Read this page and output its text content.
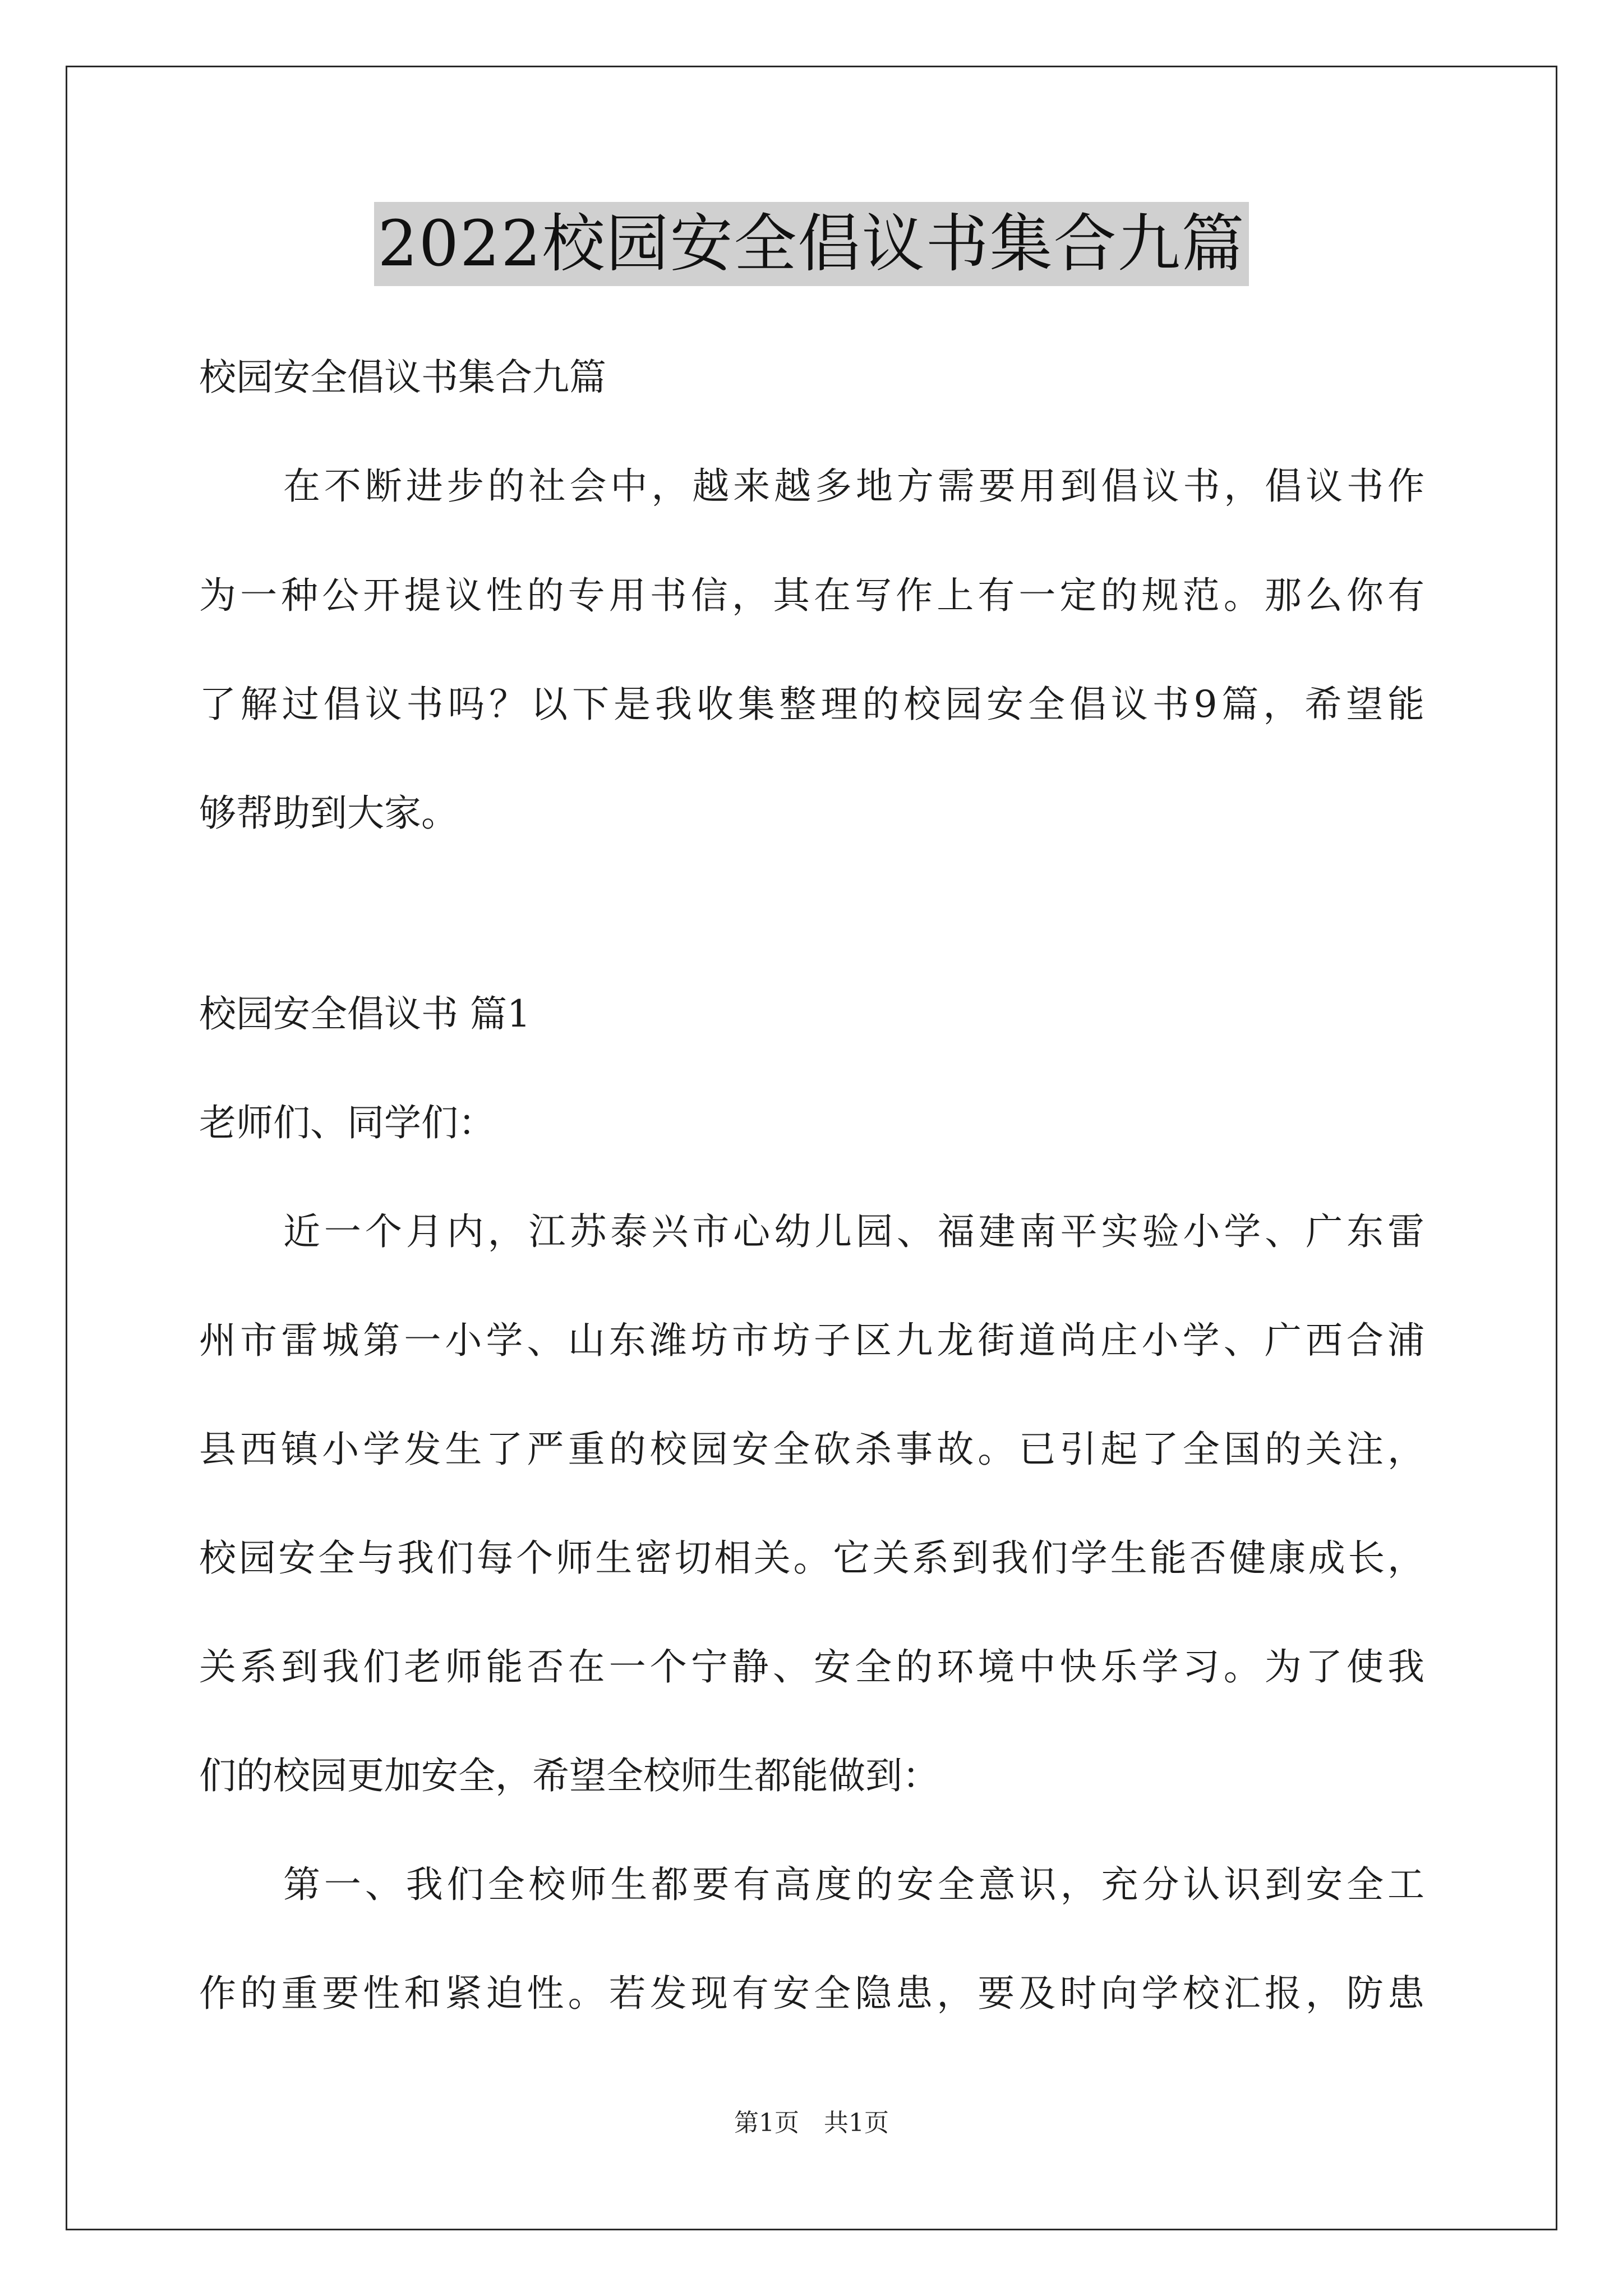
2022校园安全倡议书集合九篇
校园安全倡议书集合九篇
在不断进步的社会中，越来越多地方需要用到倡议书，倡议书作
为一种公开提议性的专用书信，其在写作上有一定的规范。那么你有
了解过倡议书吗？以下是我收集整理的校园安全倡议书9篇，希望能
够帮助到大家。
校园安全倡议书 篇1
老师们、同学们：
近一个月内，江苏泰兴市心幼儿园、福建南平实验小学、广东雷
州市雷城第一小学、山东潍坊市坊子区九龙街道尚庄小学、广西合浦
县西镇小学发生了严重的校园安全砍杀事故。已引起了全国的关注，
校园安全与我们每个师生密切相关。它关系到我们学生能否健康成长，
关系到我们老师能否在一个宁静、安全的环境中快乐学习。为了使我
们的校园更加安全，希望全校师生都能做到：
第一、我们全校师生都要有高度的安全意识，充分认识到安全工
作的重要性和紧迫性。若发现有安全隐患，要及时向学校汇报，防患
第1页 共1页
